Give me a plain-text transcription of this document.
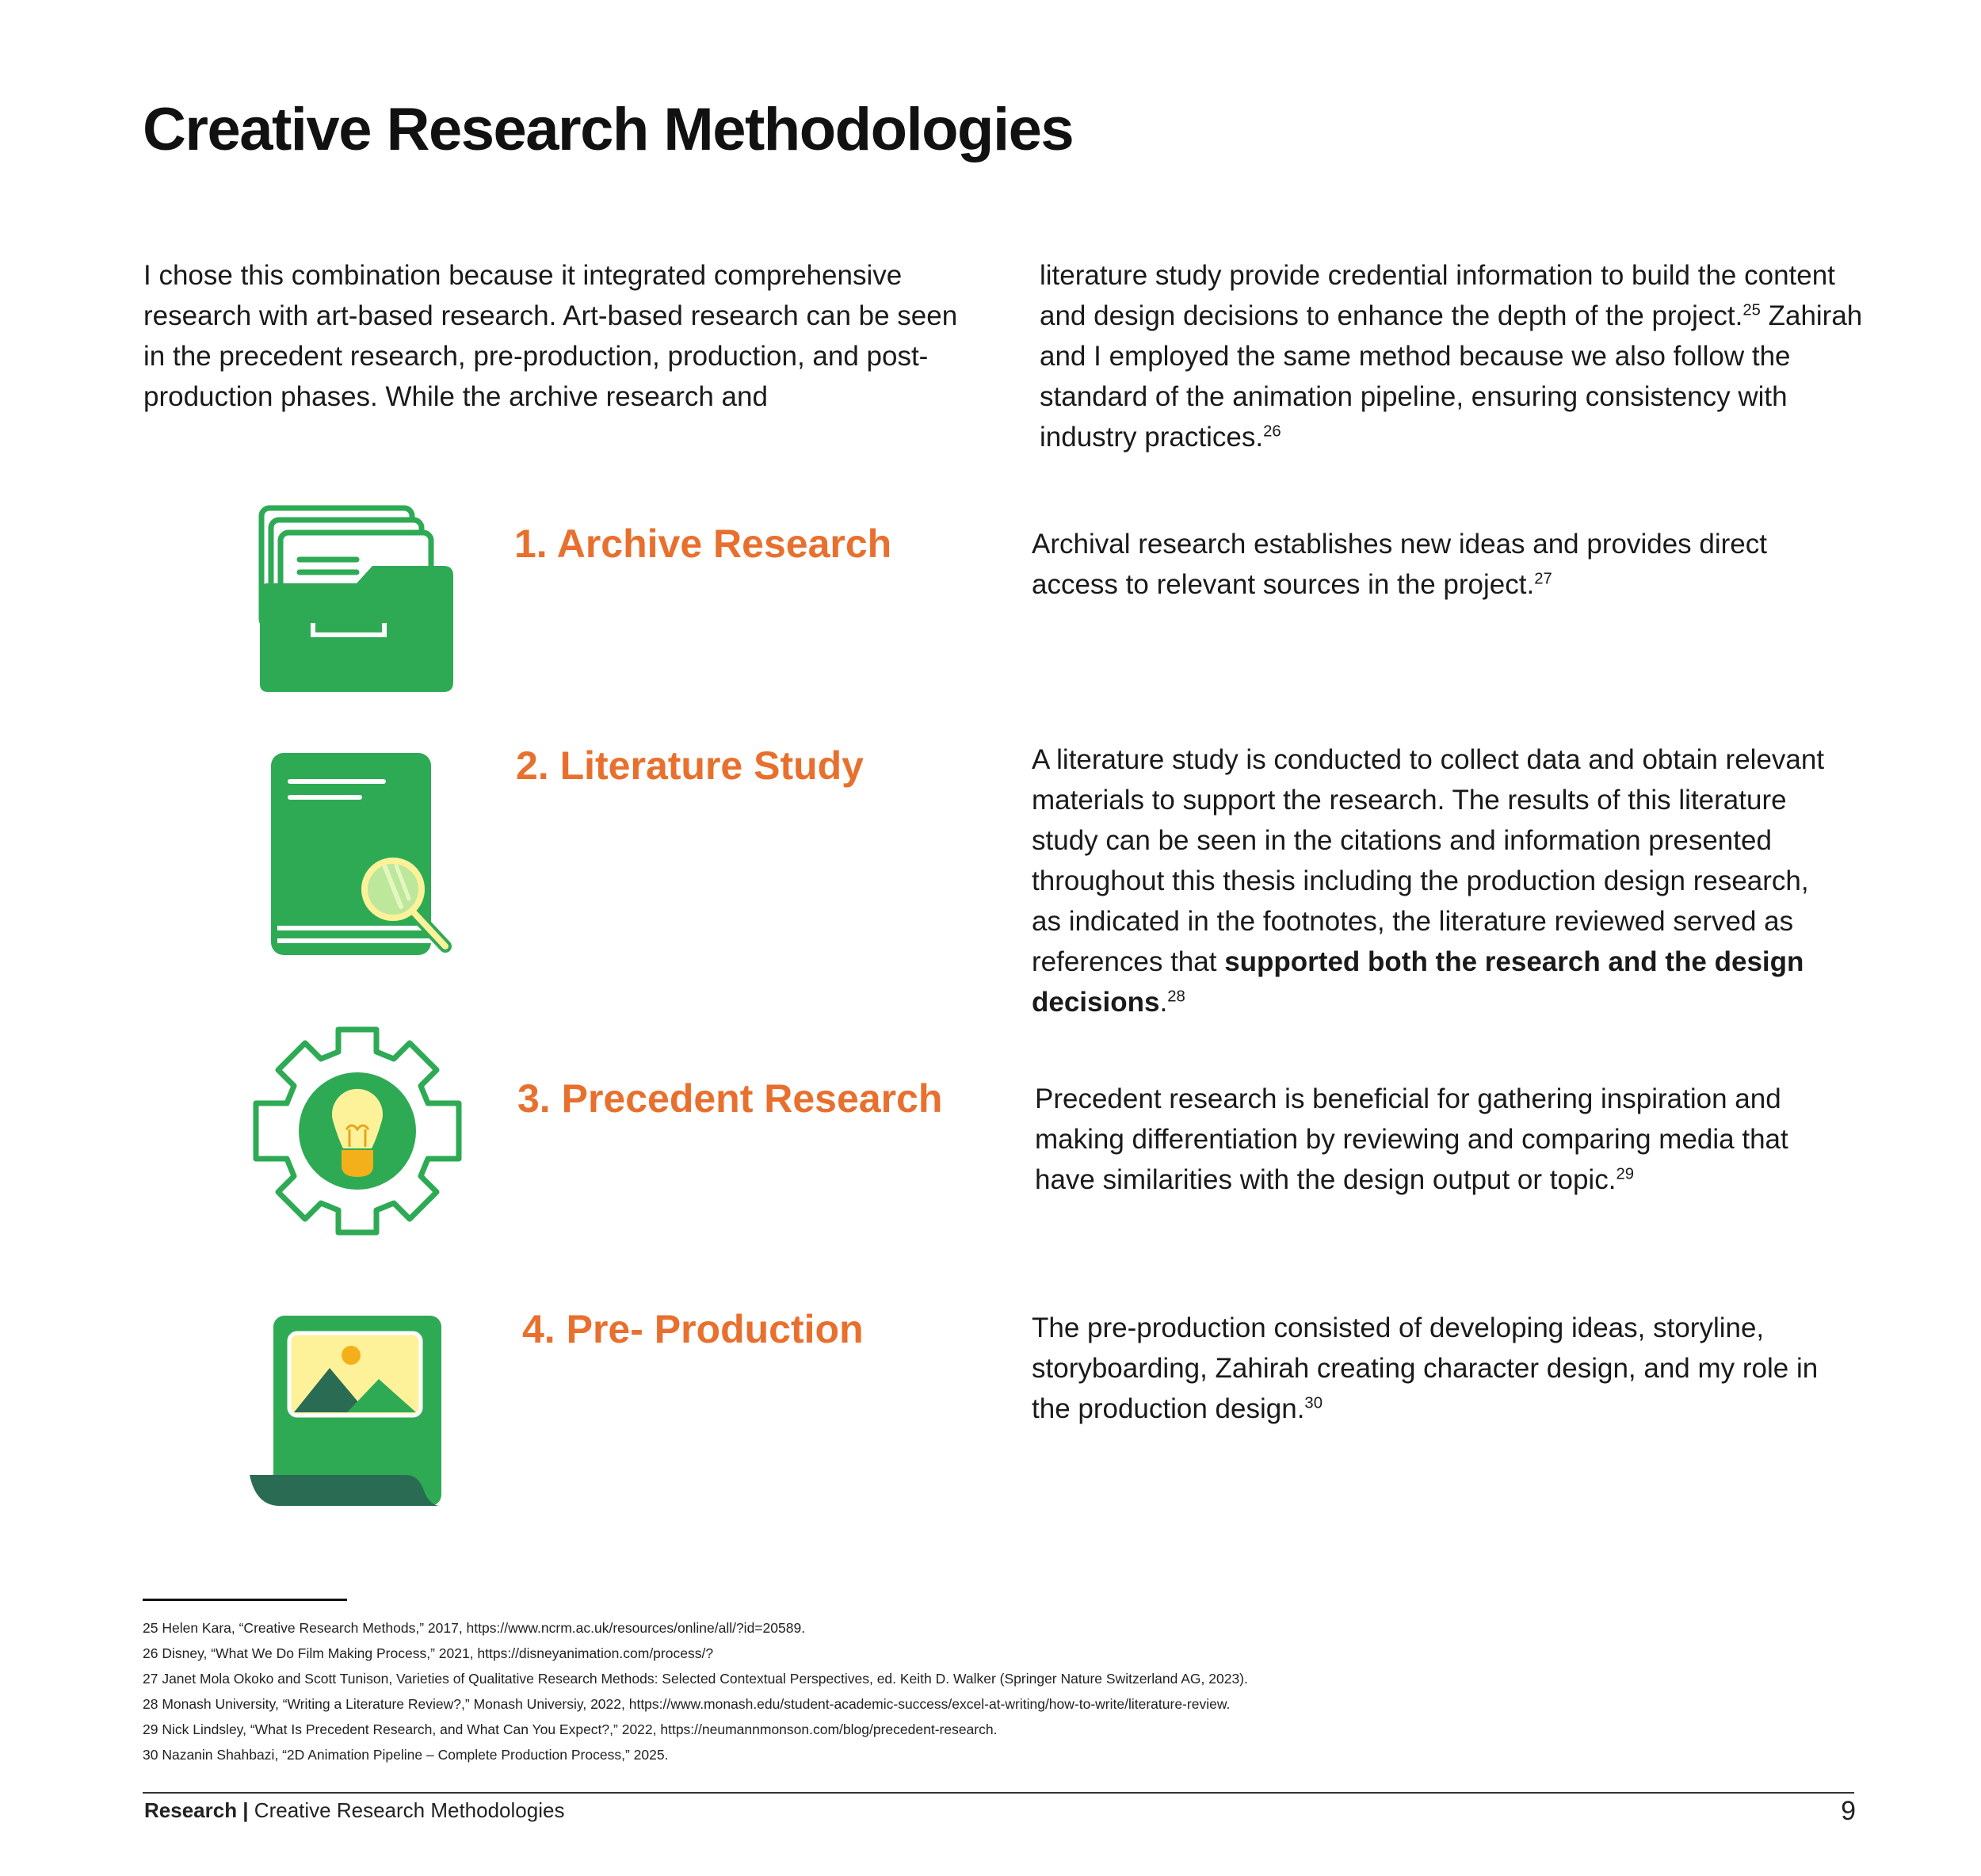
Creative Research Methodologies
I chose this combination because it integrated comprehensive research with art-based research. Art-based research can be seen in the precedent research, pre-production, production, and post-production phases. While the archive research and
literature study provide credential information to build the content and design decisions to enhance the depth of the project.$^{25}$ Zahirah and I employed the same method because we also follow the standard of the animation pipeline, ensuring consistency with industry practices.$^{26}$
1. Archive Research	Archival research establishes new ideas and provides direct access to relevant sources in the project.$^{27}$
2. Literature Study	A literature study is conducted to collect data and obtain relevant materials to support the research. The results of this literature study can be seen in the citations and information presented throughout this thesis including the production design research, as indicated in the footnotes, the literature reviewed served as references that supported both the research and the design decisions.$^{28}$
3. Precedent Research	Precedent research is beneficial for gathering inspiration and making differentiation by reviewing and comparing media that have similarities with the design output or topic.$^{29}$
4. Pre- Production	The pre-production consisted of developing ideas, storyline, storyboarding, Zahirah creating character design, and my role in the production design.$^{30}$
25 Helen Kara, “Creative Research Methods,” 2017, https://www.ncrm.ac.uk/resources/online/all/?id=20589.
26 Disney, “What We Do Film Making Process,” 2021, https://disneyanimation.com/process/?
27 Janet Mola Okoko and Scott Tunison, Varieties of Qualitative Research Methods: Selected Contextual Perspectives, ed. Keith D. Walker (Springer Nature Switzerland AG, 2023).
28 Monash University, “Writing a Literature Review?,” Monash Universiy, 2022, https://www.monash.edu/student-academic-success/excel-at-writing/how-to-write/literature-review.
29 Nick Lindsley, “What Is Precedent Research, and What Can You Expect?,” 2022, https://neumannmonson.com/blog/precedent-research.
30 Nazanin Shahbazi, “2D Animation Pipeline – Complete Production Process,” 2025.
Research | Creative Research Methodologies	9
